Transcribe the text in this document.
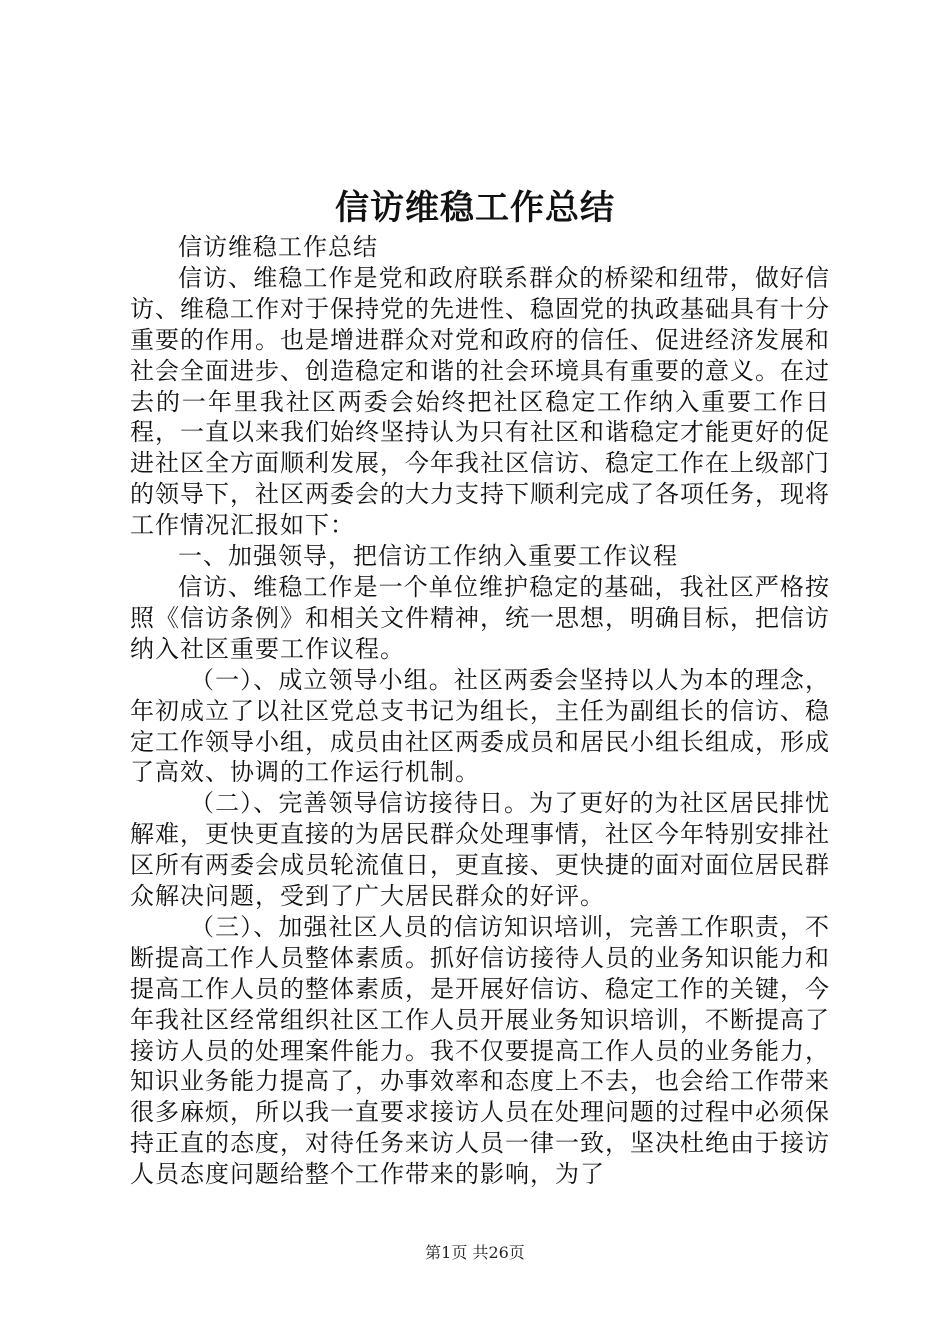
信访维稳工作总结

信访维稳工作总结

信访、维稳工作是党和政府联系群众的桥梁和纽带，做好信访、维稳工作对于保持党的先进性、稳固党的执政基础具有十分重要的作用。也是增进群众对党和政府的信任、促进经济发展和社会全面进步、创造稳定和谐的社会环境具有重要的意义。在过去的一年里我社区两委会始终把社区稳定工作纳入重要工作日程，一直以来我们始终坚持认为只有社区和谐稳定才能更好的促进社区全方面顺利发展，今年我社区信访、稳定工作在上级部门的领导下，社区两委会的大力支持下顺利完成了各项任务，现将工作情况汇报如下：

一、加强领导，把信访工作纳入重要工作议程

信访、维稳工作是一个单位维护稳定的基础，我社区严格按照《信访条例》和相关文件精神，统一思想，明确目标，把信访纳入社区重要工作议程。

（一）、成立领导小组。社区两委会坚持以人为本的理念，年初成立了以社区党总支书记为组长，主任为副组长的信访、稳定工作领导小组，成员由社区两委成员和居民小组长组成，形成了高效、协调的工作运行机制。

（二）、完善领导信访接待日。为了更好的为社区居民排忧解难，更快更直接的为居民群众处理事情，社区今年特别安排社区所有两委会成员轮流值日，更直接、更快捷的面对面位居民群众解决问题，受到了广大居民群众的好评。

（三）、加强社区人员的信访知识培训，完善工作职责，不断提高工作人员整体素质。抓好信访接待人员的业务知识能力和提高工作人员的整体素质，是开展好信访、稳定工作的关键，今年我社区经常组织社区工作人员开展业务知识培训，不断提高了接访人员的处理案件能力。我不仅要提高工作人员的业务能力，知识业务能力提高了，办事效率和态度上不去，也会给工作带来很多麻烦，所以我一直要求接访人员在处理问题的过程中必须保持正直的态度，对待任务来访人员一律一致，坚决杜绝由于接访人员态度问题给整个工作带来的影响，为了

第1页 共26页
